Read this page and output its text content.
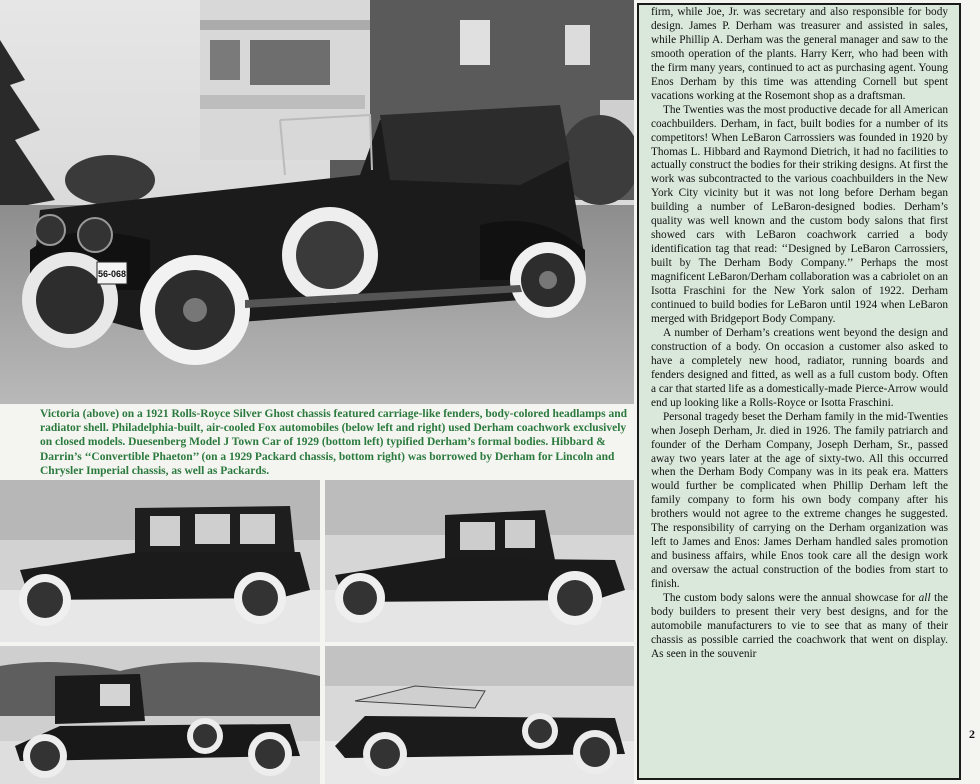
56-068

Victoria (above) on a 1921 Rolls-Royce Silver Ghost chassis featured carriage-like fenders, body-colored headlamps and radiator shell. Philadelphia-built, air-cooled Fox automobiles (below left and right) used Derham coachwork exclusively on closed models. Duesenberg Model J Town Car of 1929 (bottom left) typified Derham’s formal bodies. Hibbard & Darrin’s ‘‘Convertible Phaeton’’ (on a 1929 Packard chassis, bottom right) was borrowed by Derham for Lincoln and Chrysler Imperial chassis, as well as Packards.

firm, while Joe, Jr. was secretary and also responsible for body design. James P. Derham was treasurer and assisted in sales, while Phillip A. Derham was the general manager and saw to the smooth operation of the plants. Harry Kerr, who had been with the firm many years, continued to act as purchasing agent. Young Enos Derham by this time was attending Cornell but spent vacations working at the Rosemont shop as a draftsman.

The Twenties was the most productive decade for all American coachbuilders. Derham, in fact, built bodies for a number of its competitors! When LeBaron Carrossiers was founded in 1920 by Thomas L. Hibbard and Raymond Dietrich, it had no facilities to actually construct the bodies for their striking designs. At first the work was subcontracted to the various coachbuilders in the New York City vicinity but it was not long before Derham began building a number of LeBaron-designed bodies. Derham’s quality was well known and the custom body salons that first showed cars with LeBaron coachwork carried a body identification tag that read: ‘‘Designed by LeBaron Carrossiers, built by The Derham Body Company.’’ Perhaps the most magnificent LeBaron/Derham collaboration was a cabriolet on an Isotta Fraschini for the New York salon of 1922. Derham continued to build bodies for LeBaron until 1924 when LeBaron merged with Bridgeport Body Company.

A number of Derham’s creations went beyond the design and construction of a body. On occasion a customer also asked to have a completely new hood, radiator, running boards and fenders designed and fitted, as well as a full custom body. Often a car that started life as a domestically-made Pierce-Arrow would end up looking like a Rolls-Royce or Isotta Fraschini.

Personal tragedy beset the Derham family in the mid-Twenties when Joseph Derham, Jr. died in 1926. The family patriarch and founder of the Derham Company, Joseph Derham, Sr., passed away two years later at the age of sixty-two. All this occurred when the Derham Body Company was in its peak era. Matters would further be complicated when Phillip Derham left the family company to form his own body company after his brothers would not agree to the extreme changes he suggested. The responsibility of carrying on the Derham organization was left to James and Enos: James Derham handled sales promotion and business affairs, while Enos took care all the design work and oversaw the actual construction of the bodies from start to finish.

The custom body salons were the annual showcase for all the body builders to present their very best designs, and for the automobile manufacturers to vie to see that as many of their chassis as possible carried the coachwork that went on display. As seen in the souvenir

2
